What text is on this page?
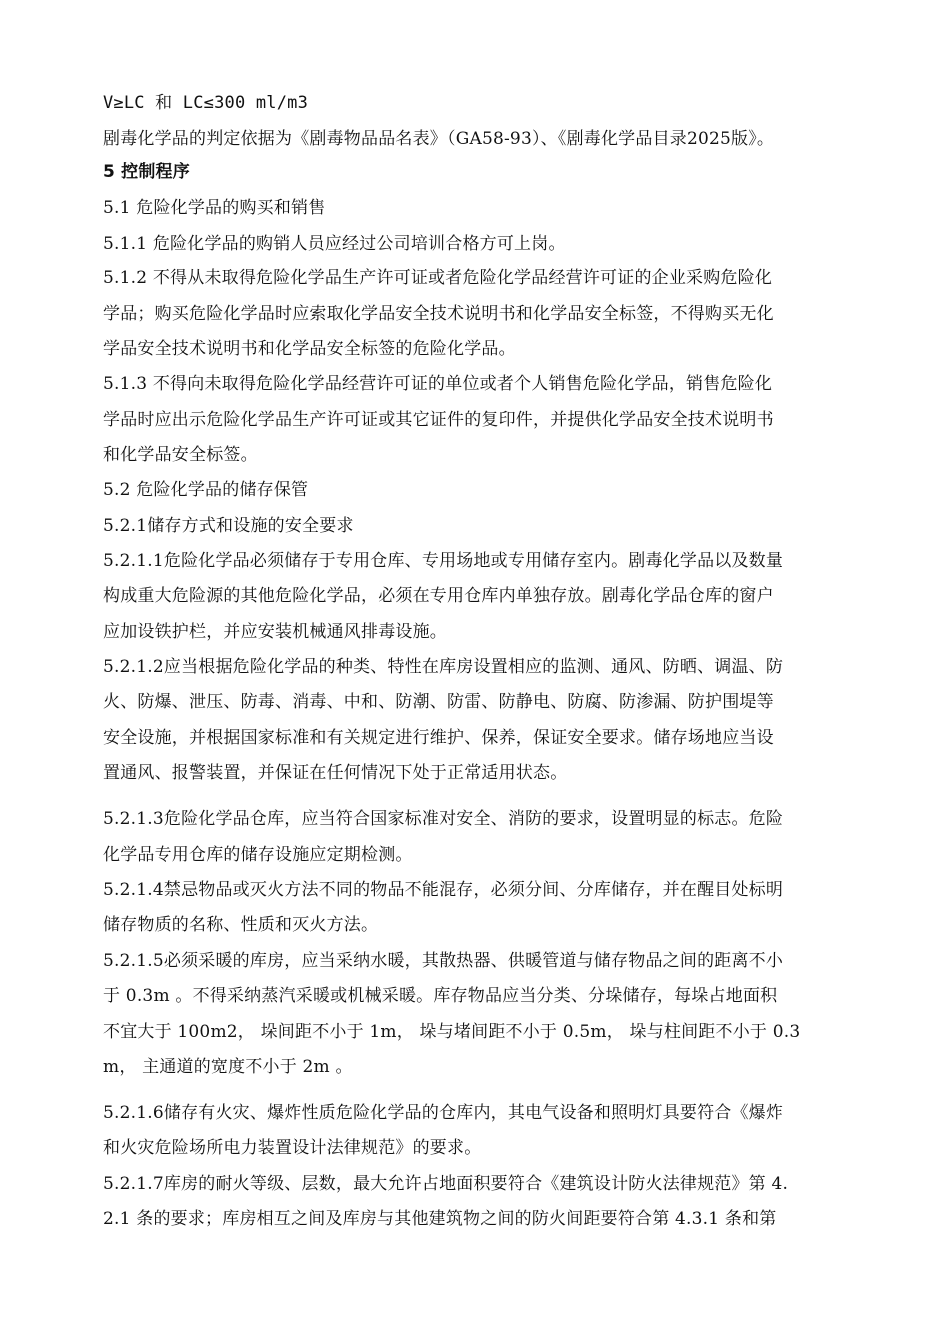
V≥LC 和 LC≤300 ml/m3
剧毒化学品的判定依据为《剧毒物品品名表》（GA58-93）、《剧毒化学品目录2025版》。
5 控制程序
5.1 危险化学品的购买和销售
5.1.1 危险化学品的购销人员应经过公司培训合格方可上岗。
5.1.2 不得从未取得危险化学品生产许可证或者危险化学品经营许可证的企业采购危险化
学品；购买危险化学品时应索取化学品安全技术说明书和化学品安全标签，不得购买无化
学品安全技术说明书和化学品安全标签的危险化学品。
5.1.3 不得向未取得危险化学品经营许可证的单位或者个人销售危险化学品，销售危险化
学品时应出示危险化学品生产许可证或其它证件的复印件，并提供化学品安全技术说明书
和化学品安全标签。
5.2 危险化学品的储存保管
5.2.1储存方式和设施的安全要求
5.2.1.1危险化学品必须储存于专用仓库、专用场地或专用储存室内。剧毒化学品以及数量
构成重大危险源的其他危险化学品，必须在专用仓库内单独存放。剧毒化学品仓库的窗户
应加设铁护栏，并应安装机械通风排毒设施。
5.2.1.2应当根据危险化学品的种类、特性在库房设置相应的监测、通风、防晒、调温、防
火、防爆、泄压、防毒、消毒、中和、防潮、防雷、防静电、防腐、防渗漏、防护围堤等
安全设施，并根据国家标准和有关规定进行维护、保养，保证安全要求。储存场地应当设
置通风、报警装置，并保证在任何情况下处于正常适用状态。
5.2.1.3危险化学品仓库，应当符合国家标准对安全、消防的要求，设置明显的标志。危险
化学品专用仓库的储存设施应定期检测。
5.2.1.4禁忌物品或灭火方法不同的物品不能混存，必须分间、分库储存，并在醒目处标明
储存物质的名称、性质和灭火方法。
5.2.1.5必须采暖的库房，应当采纳水暖，其散热器、供暖管道与储存物品之间的距离不小
于 0.3m 。不得采纳蒸汽采暖或机械采暖。库存物品应当分类、分垛储存，每垛占地面积
不宜大于 100m2， 垛间距不小于 1m， 垛与堵间距不小于 0.5m， 垛与柱间距不小于 0.3
m， 主通道的宽度不小于 2m 。
5.2.1.6储存有火灾、爆炸性质危险化学品的仓库内，其电气设备和照明灯具要符合《爆炸
和火灾危险场所电力装置设计法律规范》的要求。
5.2.1.7库房的耐火等级、层数，最大允许占地面积要符合《建筑设计防火法律规范》第 4.
2.1 条的要求；库房相互之间及库房与其他建筑物之间的防火间距要符合第 4.3.1 条和第
